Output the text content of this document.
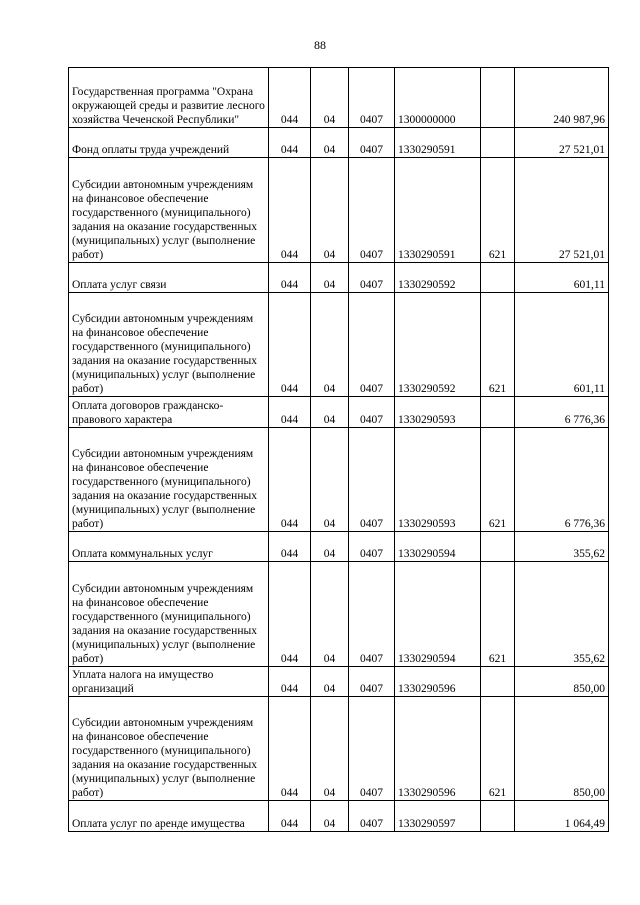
88
Государственная программа "Охрана окружающей среды и развитие лесного хозяйства Чеченской Республики"	044	04	0407	1300000000		240 987,96
Фонд оплаты труда учреждений	044	04	0407	1330290591		27 521,01
Субсидии автономным учреждениям на финансовое обеспечение государственного (муниципального) задания на оказание государственных (муниципальных) услуг (выполнение работ)	044	04	0407	1330290591	621	27 521,01
Оплата услуг связи	044	04	0407	1330290592		601,11
Субсидии автономным учреждениям на финансовое обеспечение государственного (муниципального) задания на оказание государственных (муниципальных) услуг (выполнение работ)	044	04	0407	1330290592	621	601,11
Оплата договоров гражданско-правового характера	044	04	0407	1330290593		6 776,36
Субсидии автономным учреждениям на финансовое обеспечение государственного (муниципального) задания на оказание государственных (муниципальных) услуг (выполнение работ)	044	04	0407	1330290593	621	6 776,36
Оплата коммунальных услуг	044	04	0407	1330290594		355,62
Субсидии автономным учреждениям на финансовое обеспечение государственного (муниципального) задания на оказание государственных (муниципальных) услуг (выполнение работ)	044	04	0407	1330290594	621	355,62
Уплата налога на имущество организаций	044	04	0407	1330290596		850,00
Субсидии автономным учреждениям на финансовое обеспечение государственного (муниципального) задания на оказание государственных (муниципальных) услуг (выполнение работ)	044	04	0407	1330290596	621	850,00
Оплата услуг по аренде имущества	044	04	0407	1330290597		1 064,49
